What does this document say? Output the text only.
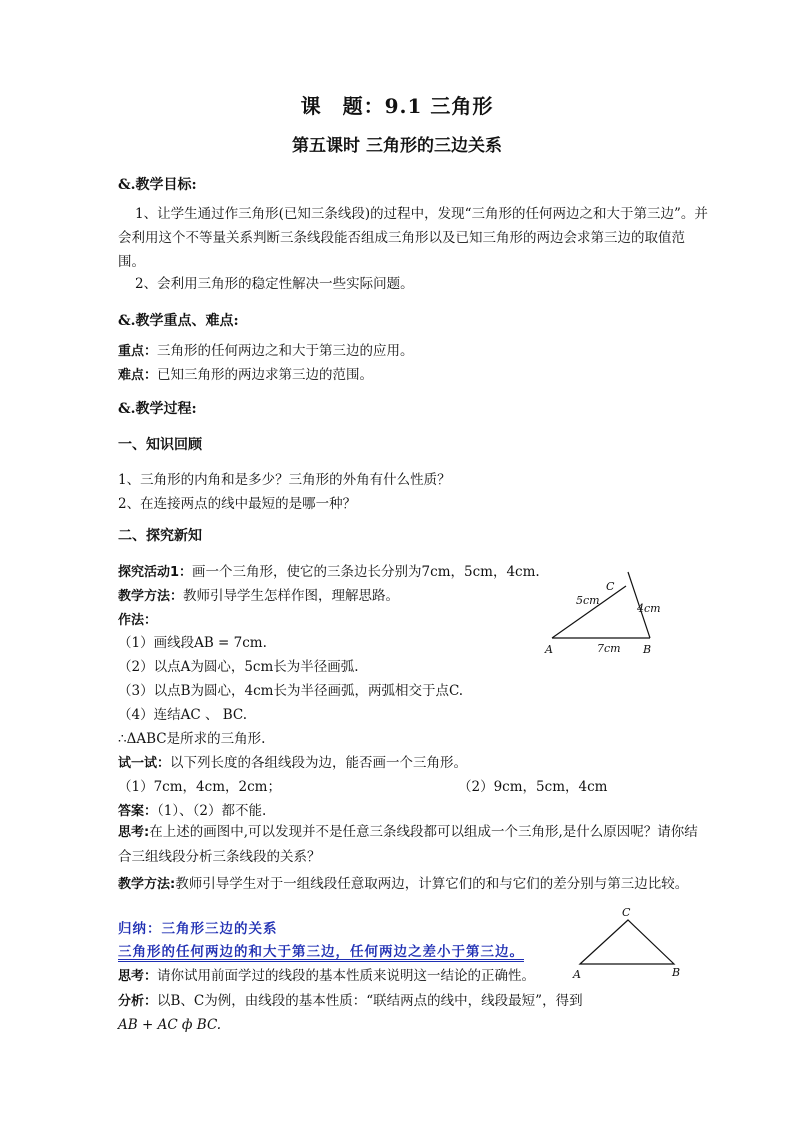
课　题：9.1 三角形
第五课时 三角形的三边关系
&.教学目标:
1、让学生通过作三角形(已知三条线段)的过程中，发现“三角形的任何两边之和大于第三边”。并会利用这个不等量关系判断三条线段能否组成三角形以及已知三角形的两边会求第三边的取值范围。
2、会利用三角形的稳定性解决一些实际问题。
&.教学重点、难点:
重点：三角形的任何两边之和大于第三边的应用。
难点：已知三角形的两边求第三边的范围。
&.教学过程:
一、知识回顾
1、三角形的内角和是多少？三角形的外角有什么性质？
2、在连接两点的线中最短的是哪一种？
二、探究新知
探究活动1：画一个三角形，使它的三条边长分别为7cm，5cm，4cm.
教学方法：教师引导学生怎样作图，理解思路。
作法：
（1）画线段AB = 7cm.
（2）以点A为圆心，5cm长为半径画弧.
（3）以点B为圆心，4cm长为半径画弧，两弧相交于点C.
（4）连结AC 、 BC.
∴ΔABC是所求的三角形.
试一试：以下列长度的各组线段为边，能否画一个三角形。
（1）7cm，4cm，2cm；	（2）9cm，5cm，4cm
答案：（1）、（2）都不能.
思考:在上述的画图中,可以发现并不是任意三条线段都可以组成一个三角形,是什么原因呢？请你结合三组线段分析三条线段的关系？
教学方法:教师引导学生对于一组线段任意取两边，计算它们的和与它们的差分别与第三边比较。
归纳：三角形三边的关系
三角形的任何两边的和大于第三边，任何两边之差小于第三边。
思考：请你试用前面学过的线段的基本性质来说明这一结论的正确性。
分析：以B、C为例，由线段的基本性质：“联结两点的线中，线段最短”，得到
AB + AC ф BC.
A	B
C
5cm
4cm
7cm
A	B
C
